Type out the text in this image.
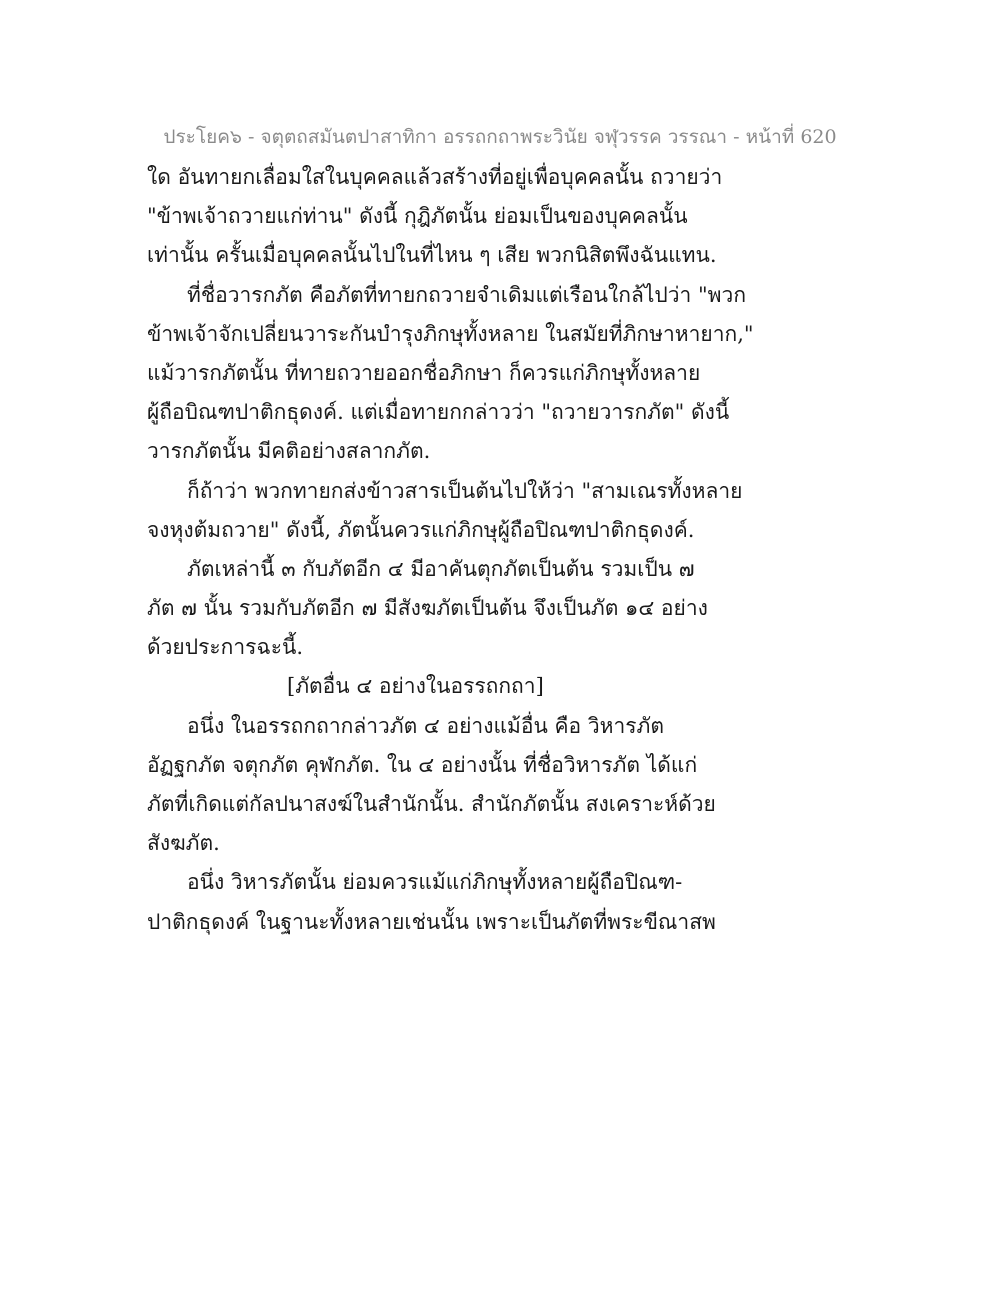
ประโยค๖ - จตุตถสมันตปาสาทิกา อรรถกถาพระวินัย จฬุวรรค วรรณา - หน้าที่ 620
ใด อันทายกเลื่อมใสในบุคคลแล้วสร้างที่อยู่เพื่อบุคคลนั้น ถวายว่า
"ข้าพเจ้าถวายแก่ท่าน" ดังนี้ กุฎิภัตนั้น ย่อมเป็นของบุคคลนั้น
เท่านั้น ครั้นเมื่อบุคคลนั้นไปในที่ไหน ๆ เสีย พวกนิสิตพึงฉันแทน.
ที่ชื่อวารกภัต คือภัตที่ทายกถวายจำเดิมแต่เรือนใกล้ไปว่า "พวก
ข้าพเจ้าจักเปลี่ยนวาระกันบำรุงภิกษุทั้งหลาย ในสมัยที่ภิกษาหายาก,"
แม้วารกภัตนั้น ที่ทายถวายออกชื่อภิกษา ก็ควรแก่ภิกษุทั้งหลาย
ผู้ถือบิณฑปาติกธุดงค์. แต่เมื่อทายกกล่าวว่า "ถวายวารกภัต" ดังนี้
วารกภัตนั้น มีคติอย่างสลากภัต.
ก็ถ้าว่า พวกทายกส่งข้าวสารเป็นต้นไปให้ว่า "สามเณรทั้งหลาย
จงหุงต้มถวาย" ดังนี้, ภัตนั้นควรแก่ภิกษุผู้ถือปิณฑปาติกธุดงค์.
ภัตเหล่านี้ ๓ กับภัตอีก ๔ มีอาคันตุกภัตเป็นต้น รวมเป็น ๗
ภัต ๗ นั้น รวมกับภัตอีก ๗ มีสังฆภัตเป็นต้น จึงเป็นภัต ๑๔ อย่าง
ด้วยประการฉะนี้.
[ภัตอื่น ๔ อย่างในอรรถกถา]
อนึ่ง ในอรรถกถากล่าวภัต ๔ อย่างแม้อื่น คือ วิหารภัต
อัฏฐกภัต จตุกภัต คุฬกภัต. ใน ๔ อย่างนั้น ที่ชื่อวิหารภัต ได้แก่
ภัตที่เกิดแต่กัลปนาสงฆ์ในสำนักนั้น. สำนักภัตนั้น สงเคราะห์ด้วย
สังฆภัต.
อนึ่ง วิหารภัตนั้น ย่อมควรแม้แก่ภิกษุทั้งหลายผู้ถือปิณฑ-
ปาติกธุดงค์ ในฐานะทั้งหลายเช่นนั้น เพราะเป็นภัตที่พระขีณาสพ
